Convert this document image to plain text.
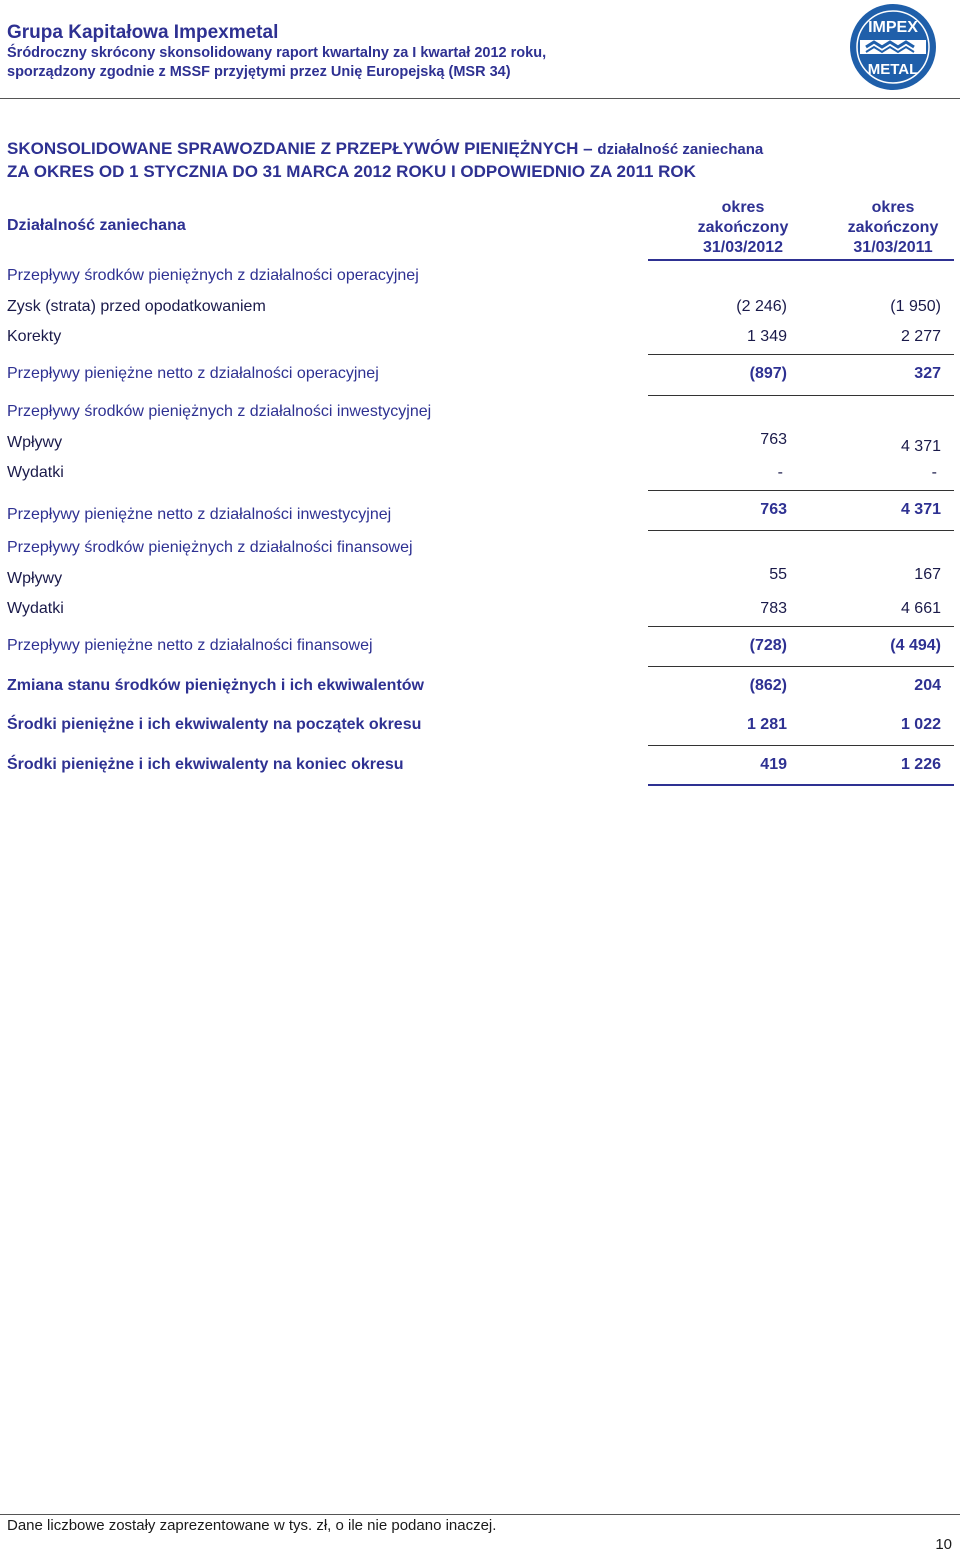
Grupa Kapitałowa Impexmetal
Śródroczny skrócony skonsolidowany raport kwartalny za I kwartał 2012 roku,
sporządzony zgodnie z MSSF przyjętymi przez Unię Europejską (MSR 34)
IMPEX
METAL
SKONSOLIDOWANE SPRAWOZDANIE Z PRZEPŁYWÓW PIENIĘŻNYCH – działalność zaniechana
ZA OKRES OD 1 STYCZNIA DO 31 MARCA 2012 ROKU I ODPOWIEDNIO ZA 2011 ROK
Działalność zaniechana
okres
zakończony
31/03/2012
okres
zakończony
31/03/2011
Przepływy środków pieniężnych z działalności operacyjnej
Zysk (strata) przed opodatkowaniem	(2 246)	(1 950)
Korekty	1 349	2 277
Przepływy pieniężne netto z działalności operacyjnej	(897)	327
Przepływy środków pieniężnych z działalności inwestycyjnej
Wpływy	763	4 371
Wydatki	-	-
Przepływy pieniężne netto z działalności inwestycyjnej	763	4 371
Przepływy środków pieniężnych z działalności finansowej
Wpływy	55	167
Wydatki	783	4 661
Przepływy pieniężne netto z działalności finansowej	(728)	(4 494)
Zmiana stanu środków pieniężnych i ich ekwiwalentów	(862)	204
Środki pieniężne i ich ekwiwalenty na początek okresu	1 281	1 022
Środki pieniężne i ich ekwiwalenty na koniec okresu	419	1 226
Dane liczbowe zostały zaprezentowane w tys. zł, o ile nie podano inaczej.
10
